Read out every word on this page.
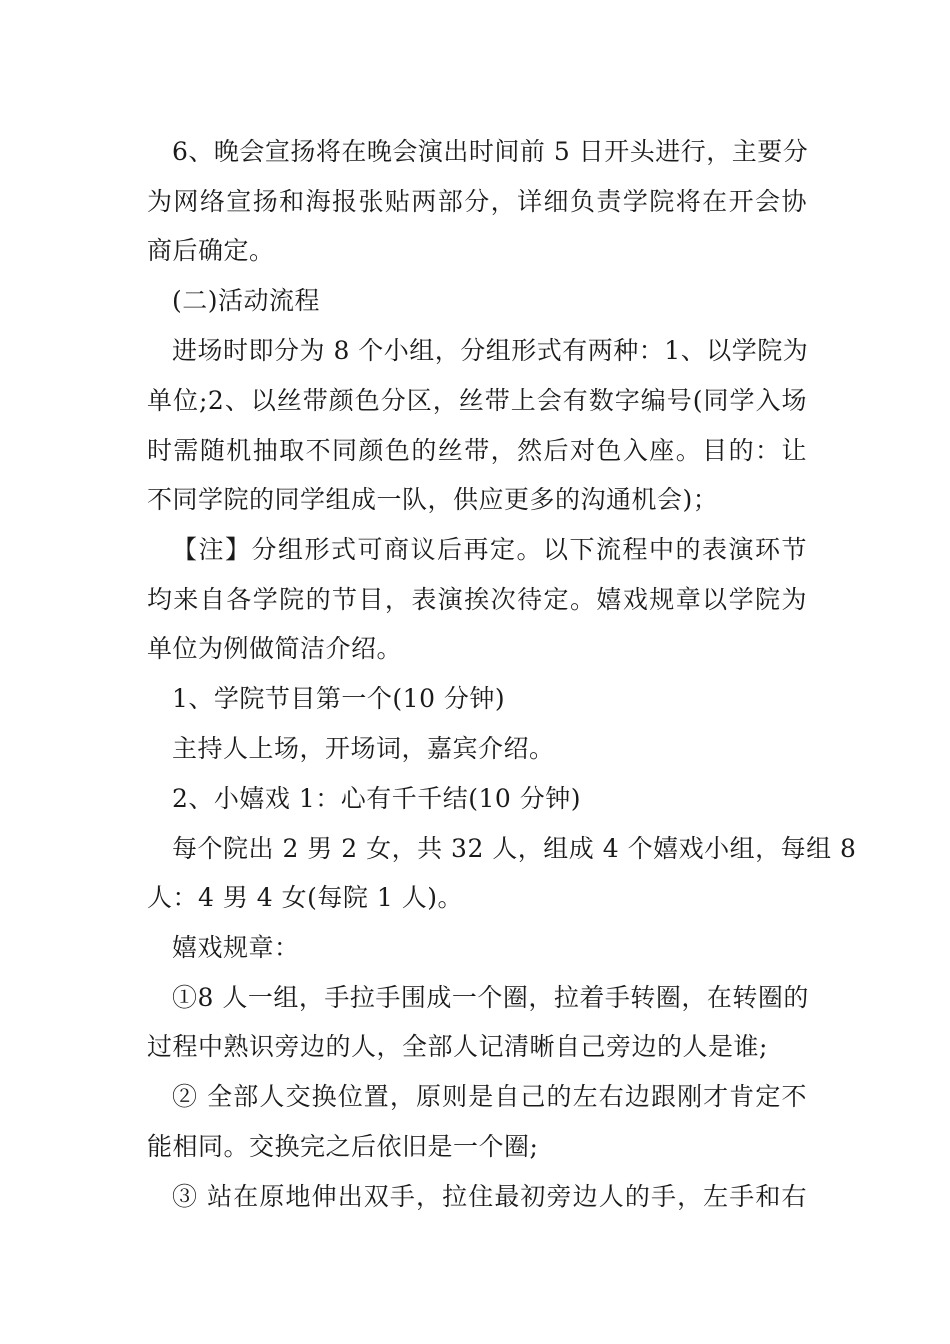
6、晚会宣扬将在晚会演出时间前 5 日开头进行，主要分
为网络宣扬和海报张贴两部分，详细负责学院将在开会协
商后确定。
(二)活动流程
进场时即分为 8 个小组，分组形式有两种：1、以学院为
单位;2、以丝带颜色分区，丝带上会有数字编号(同学入场
时需随机抽取不同颜色的丝带，然后对色入座。目的：让
不同学院的同学组成一队，供应更多的沟通机会)；
【注】分组形式可商议后再定。以下流程中的表演环节
均来自各学院的节目，表演挨次待定。嬉戏规章以学院为
单位为例做简洁介绍。
1、学院节目第一个(10 分钟)
主持人上场，开场词，嘉宾介绍。
2、小嬉戏 1：心有千千结(10 分钟)
每个院出 2 男 2 女，共 32 人，组成 4 个嬉戏小组，每组 8
人：4 男 4 女(每院 1 人)。
嬉戏规章：
①8 人一组，手拉手围成一个圈，拉着手转圈，在转圈的
过程中熟识旁边的人，全部人记清晰自己旁边的人是谁;
② 全部人交换位置，原则是自己的左右边跟刚才肯定不
能相同。交换完之后依旧是一个圈;
③ 站在原地伸出双手，拉住最初旁边人的手，左手和右
